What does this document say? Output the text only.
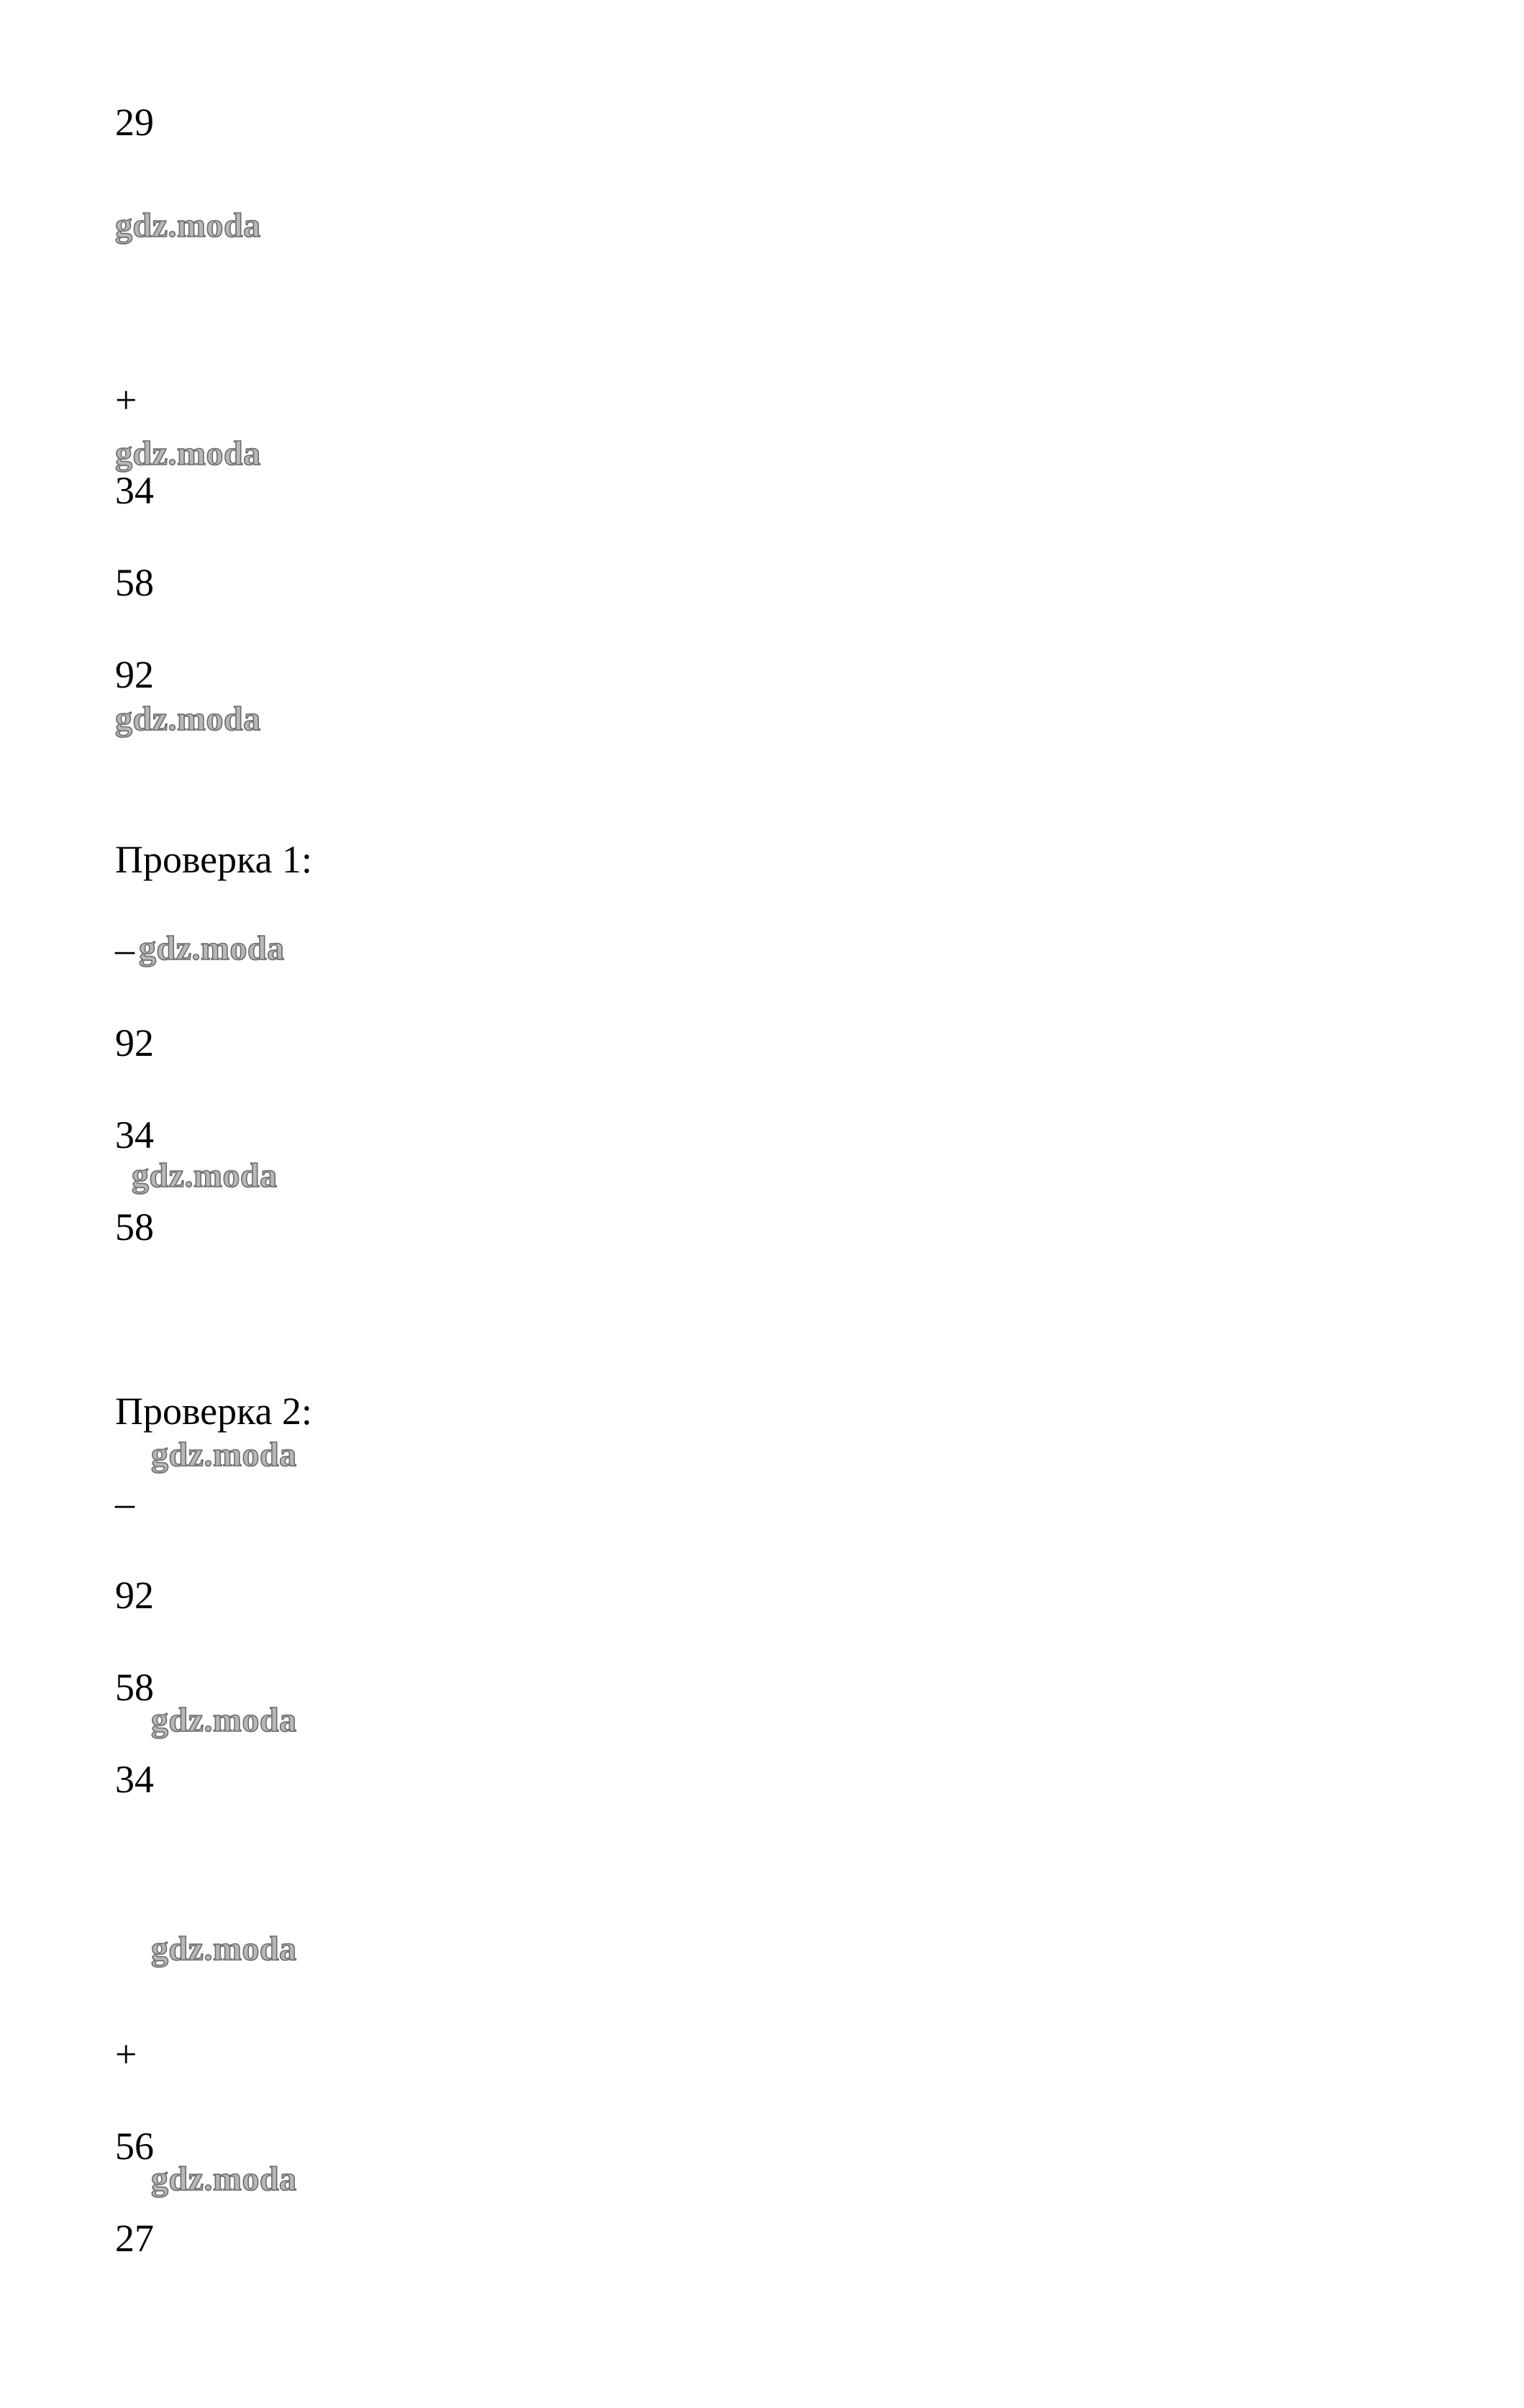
29
gdz.moda
+
gdz.moda
34
58
92
gdz.moda
Проверка 1:
– gdz.moda
92
34
gdz.moda
58
Проверка 2:
gdz.moda
–
92
58
gdz.moda
34
gdz.moda
+
56
gdz.moda
27
